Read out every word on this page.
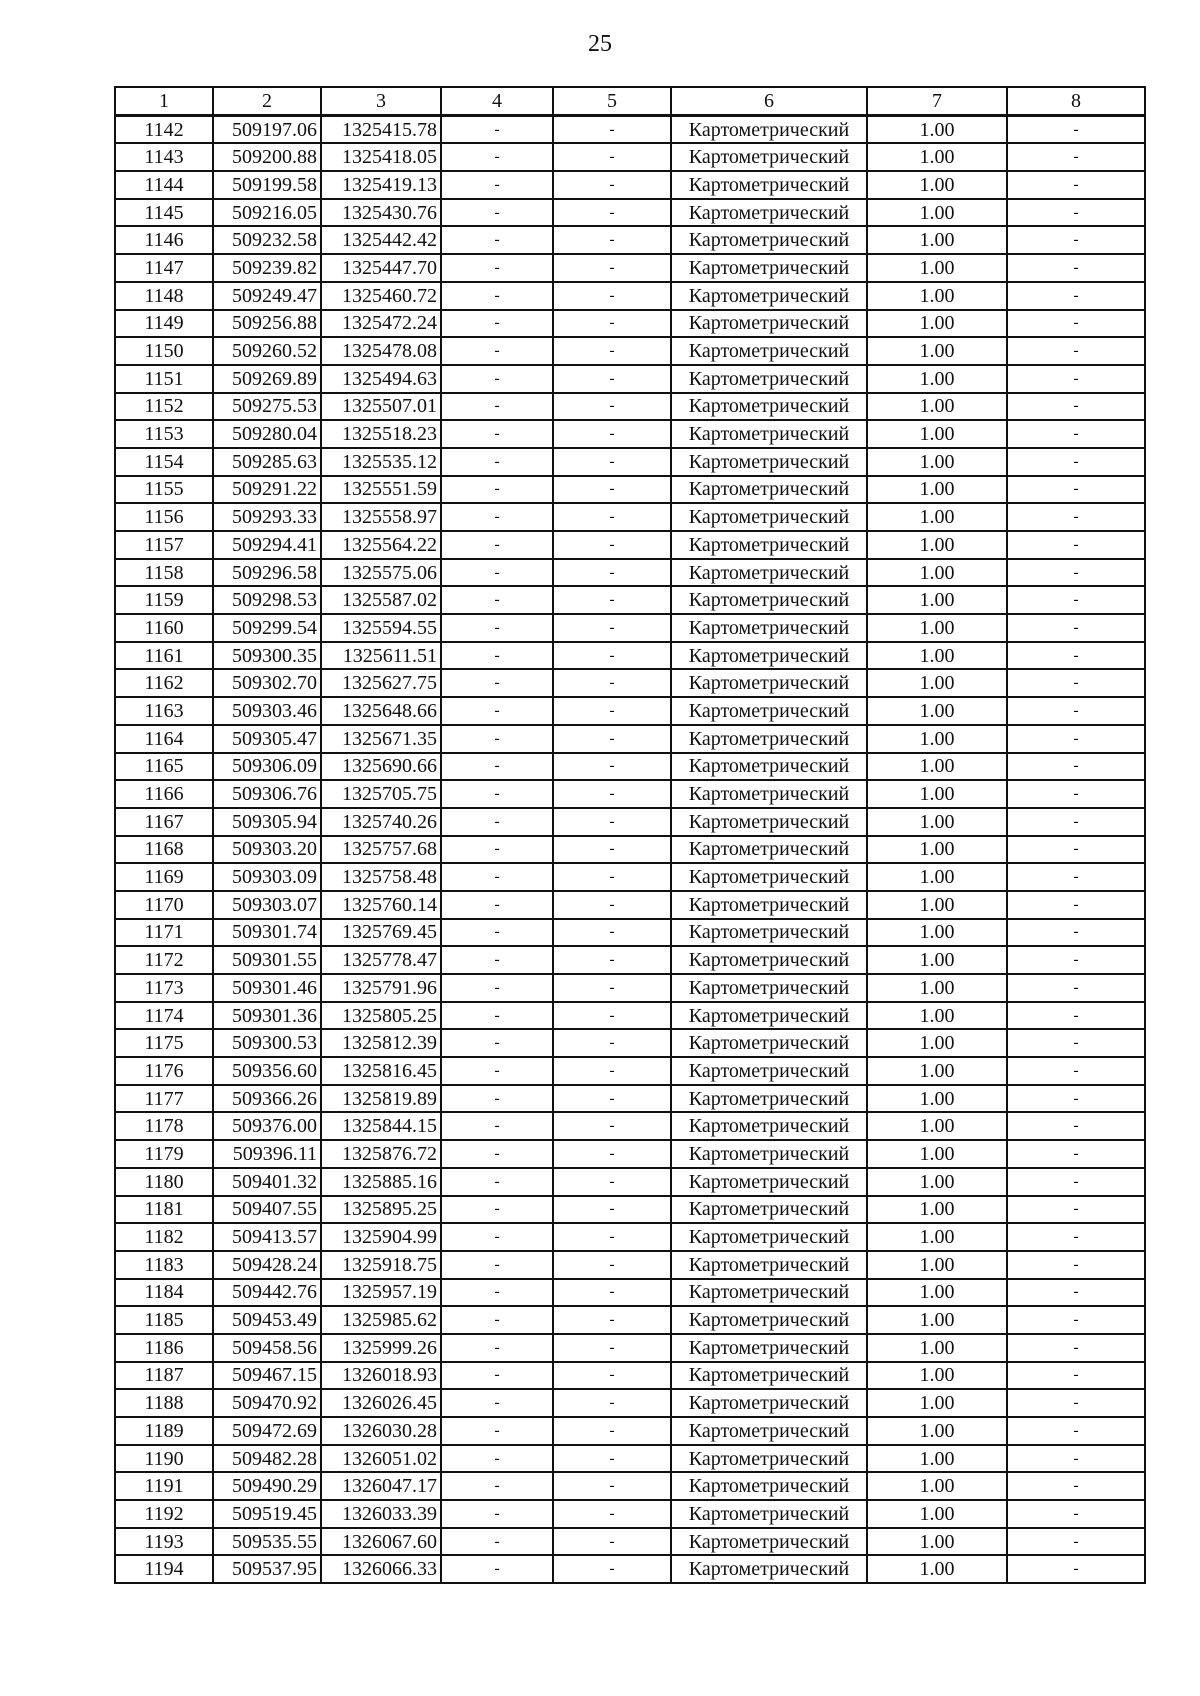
25
1	2	3	4	5	6	7	8
1142	509197.06	1325415.78	-	-	Картометрический	1.00	-
1143	509200.88	1325418.05	-	-	Картометрический	1.00	-
1144	509199.58	1325419.13	-	-	Картометрический	1.00	-
1145	509216.05	1325430.76	-	-	Картометрический	1.00	-
1146	509232.58	1325442.42	-	-	Картометрический	1.00	-
1147	509239.82	1325447.70	-	-	Картометрический	1.00	-
1148	509249.47	1325460.72	-	-	Картометрический	1.00	-
1149	509256.88	1325472.24	-	-	Картометрический	1.00	-
1150	509260.52	1325478.08	-	-	Картометрический	1.00	-
1151	509269.89	1325494.63	-	-	Картометрический	1.00	-
1152	509275.53	1325507.01	-	-	Картометрический	1.00	-
1153	509280.04	1325518.23	-	-	Картометрический	1.00	-
1154	509285.63	1325535.12	-	-	Картометрический	1.00	-
1155	509291.22	1325551.59	-	-	Картометрический	1.00	-
1156	509293.33	1325558.97	-	-	Картометрический	1.00	-
1157	509294.41	1325564.22	-	-	Картометрический	1.00	-
1158	509296.58	1325575.06	-	-	Картометрический	1.00	-
1159	509298.53	1325587.02	-	-	Картометрический	1.00	-
1160	509299.54	1325594.55	-	-	Картометрический	1.00	-
1161	509300.35	1325611.51	-	-	Картометрический	1.00	-
1162	509302.70	1325627.75	-	-	Картометрический	1.00	-
1163	509303.46	1325648.66	-	-	Картометрический	1.00	-
1164	509305.47	1325671.35	-	-	Картометрический	1.00	-
1165	509306.09	1325690.66	-	-	Картометрический	1.00	-
1166	509306.76	1325705.75	-	-	Картометрический	1.00	-
1167	509305.94	1325740.26	-	-	Картометрический	1.00	-
1168	509303.20	1325757.68	-	-	Картометрический	1.00	-
1169	509303.09	1325758.48	-	-	Картометрический	1.00	-
1170	509303.07	1325760.14	-	-	Картометрический	1.00	-
1171	509301.74	1325769.45	-	-	Картометрический	1.00	-
1172	509301.55	1325778.47	-	-	Картометрический	1.00	-
1173	509301.46	1325791.96	-	-	Картометрический	1.00	-
1174	509301.36	1325805.25	-	-	Картометрический	1.00	-
1175	509300.53	1325812.39	-	-	Картометрический	1.00	-
1176	509356.60	1325816.45	-	-	Картометрический	1.00	-
1177	509366.26	1325819.89	-	-	Картометрический	1.00	-
1178	509376.00	1325844.15	-	-	Картометрический	1.00	-
1179	509396.11	1325876.72	-	-	Картометрический	1.00	-
1180	509401.32	1325885.16	-	-	Картометрический	1.00	-
1181	509407.55	1325895.25	-	-	Картометрический	1.00	-
1182	509413.57	1325904.99	-	-	Картометрический	1.00	-
1183	509428.24	1325918.75	-	-	Картометрический	1.00	-
1184	509442.76	1325957.19	-	-	Картометрический	1.00	-
1185	509453.49	1325985.62	-	-	Картометрический	1.00	-
1186	509458.56	1325999.26	-	-	Картометрический	1.00	-
1187	509467.15	1326018.93	-	-	Картометрический	1.00	-
1188	509470.92	1326026.45	-	-	Картометрический	1.00	-
1189	509472.69	1326030.28	-	-	Картометрический	1.00	-
1190	509482.28	1326051.02	-	-	Картометрический	1.00	-
1191	509490.29	1326047.17	-	-	Картометрический	1.00	-
1192	509519.45	1326033.39	-	-	Картометрический	1.00	-
1193	509535.55	1326067.60	-	-	Картометрический	1.00	-
1194	509537.95	1326066.33	-	-	Картометрический	1.00	-
